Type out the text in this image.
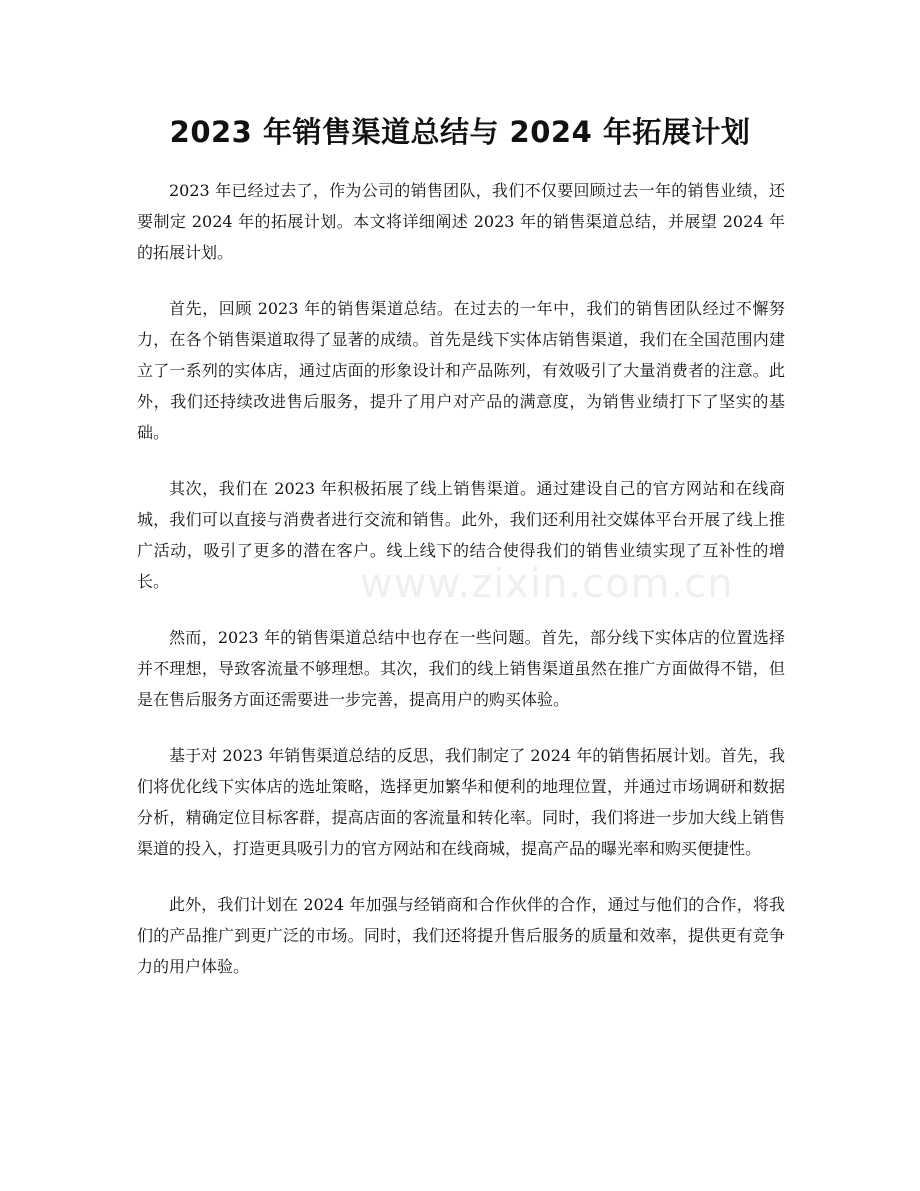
2023 年销售渠道总结与 2024 年拓展计划

2023 年已经过去了，作为公司的销售团队，我们不仅要回顾过去一年的销售业绩，还要制定 2024 年的拓展计划。本文将详细阐述 2023 年的销售渠道总结，并展望 2024 年的拓展计划。

首先，回顾 2023 年的销售渠道总结。在过去的一年中，我们的销售团队经过不懈努力，在各个销售渠道取得了显著的成绩。首先是线下实体店销售渠道，我们在全国范围内建立了一系列的实体店，通过店面的形象设计和产品陈列，有效吸引了大量消费者的注意。此外，我们还持续改进售后服务，提升了用户对产品的满意度，为销售业绩打下了坚实的基础。

其次，我们在 2023 年积极拓展了线上销售渠道。通过建设自己的官方网站和在线商城，我们可以直接与消费者进行交流和销售。此外，我们还利用社交媒体平台开展了线上推广活动，吸引了更多的潜在客户。线上线下的结合使得我们的销售业绩实现了互补性的增长。

然而，2023 年的销售渠道总结中也存在一些问题。首先，部分线下实体店的位置选择并不理想，导致客流量不够理想。其次，我们的线上销售渠道虽然在推广方面做得不错，但是在售后服务方面还需要进一步完善，提高用户的购买体验。

基于对 2023 年销售渠道总结的反思，我们制定了 2024 年的销售拓展计划。首先，我们将优化线下实体店的选址策略，选择更加繁华和便利的地理位置，并通过市场调研和数据分析，精确定位目标客群，提高店面的客流量和转化率。同时，我们将进一步加大线上销售渠道的投入，打造更具吸引力的官方网站和在线商城，提高产品的曝光率和购买便捷性。

此外，我们计划在 2024 年加强与经销商和合作伙伴的合作，通过与他们的合作，将我们的产品推广到更广泛的市场。同时，我们还将提升售后服务的质量和效率，提供更有竞争力的用户体验。

www.zixin.com.cn
